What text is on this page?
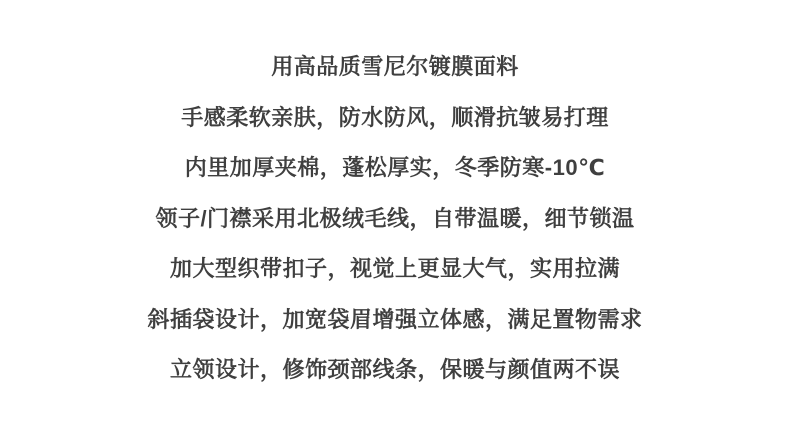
用高品质雪尼尔镀膜面料
手感柔软亲肤，防水防风，顺滑抗皱易打理
内里加厚夹棉，蓬松厚实，冬季防寒-10℃
领子/门襟采用北极绒毛线，自带温暖，细节锁温
加大型织带扣子，视觉上更显大气，实用拉满
斜插袋设计，加宽袋眉增强立体感，满足置物需求
立领设计，修饰颈部线条，保暖与颜值两不误
